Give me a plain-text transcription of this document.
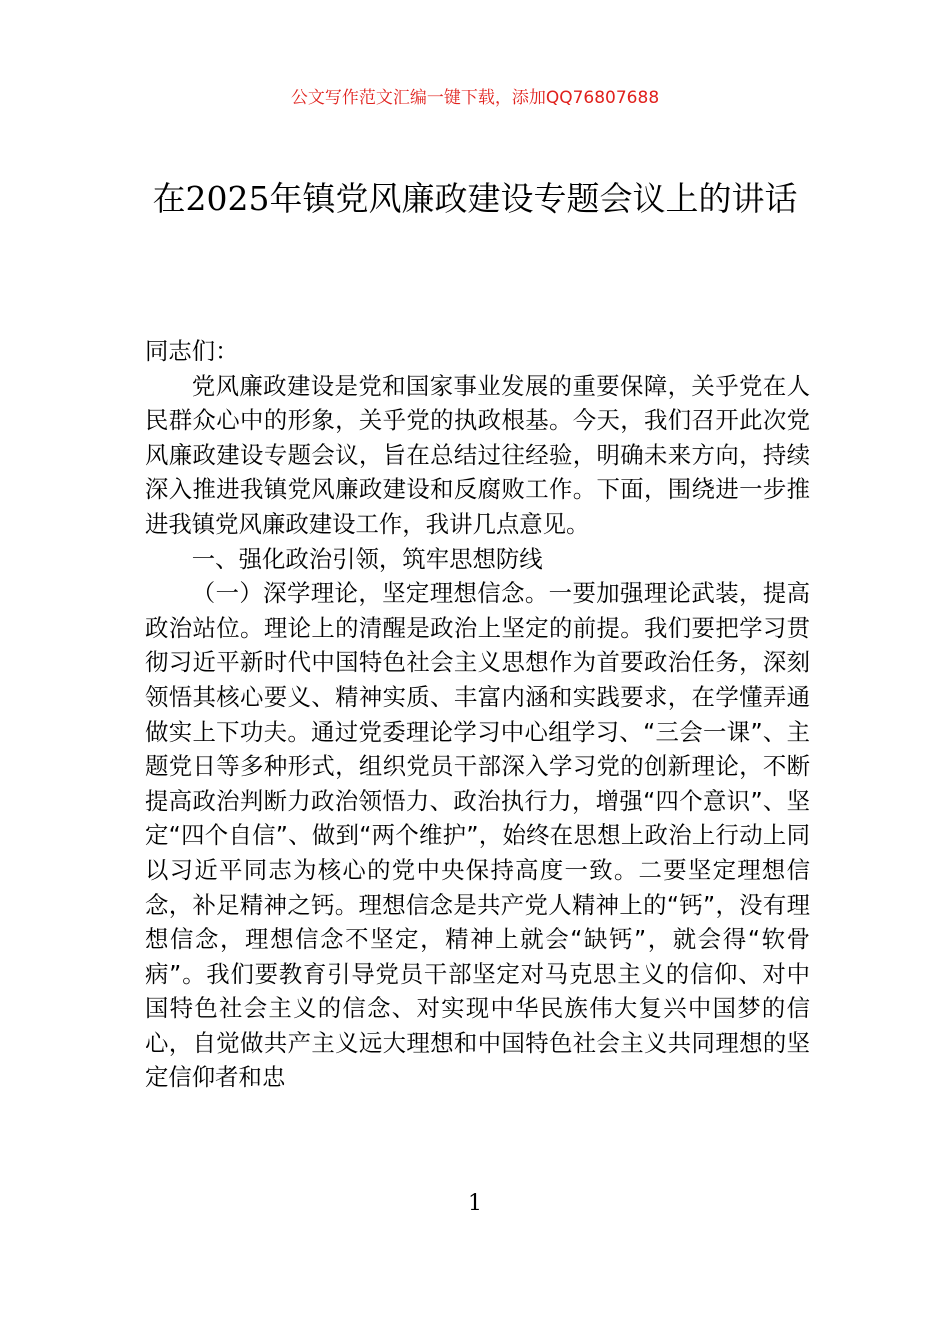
公文写作范文汇编一键下载，添加QQ76807688
在2025年镇党风廉政建设专题会议上的讲话

同志们：

党风廉政建设是党和国家事业发展的重要保障，关乎党在人民群众心中的形象，关乎党的执政根基。今天，我们召开此次党风廉政建设专题会议，旨在总结过往经验，明确未来方向，持续深入推进我镇党风廉政建设和反腐败工作。下面，围绕进一步推进我镇党风廉政建设工作，我讲几点意见。

一、强化政治引领，筑牢思想防线

（一）深学理论，坚定理想信念。一要加强理论武装，提高政治站位。理论上的清醒是政治上坚定的前提。我们要把学习贯彻习近平新时代中国特色社会主义思想作为首要政治任务，深刻领悟其核心要义、精神实质、丰富内涵和实践要求，在学懂弄通做实上下功夫。通过党委理论学习中心组学习、“三会一课”、主题党日等多种形式，组织党员干部深入学习党的创新理论，不断提高政治判断力政治领悟力、政治执行力，增强“四个意识”、坚定“四个自信”、做到“两个维护”，始终在思想上政治上行动上同以习近平同志为核心的党中央保持高度一致。二要坚定理想信念，补足精神之钙。理想信念是共产党人精神上的“钙”，没有理想信念，理想信念不坚定，精神上就会“缺钙”，就会得“软骨病”。我们要教育引导党员干部坚定对马克思主义的信仰、对中国特色社会主义的信念、对实现中华民族伟大复兴中国梦的信心，自觉做共产主义远大理想和中国特色社会主义共同理想的坚定信仰者和忠

1
